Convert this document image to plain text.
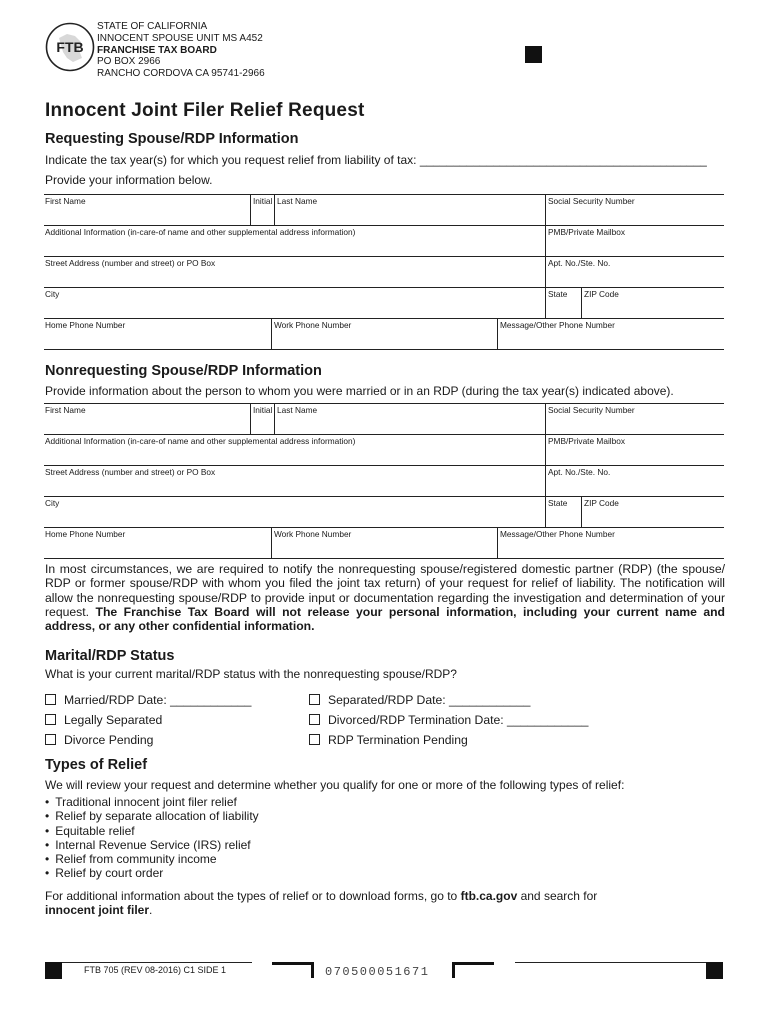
FTB
STATE OF CALIFORNIA
INNOCENT SPOUSE UNIT MS A452
FRANCHISE TAX BOARD
PO BOX 2966
RANCHO CORDOVA CA 95741-2966
Innocent Joint Filer Relief Request
Requesting Spouse/RDP Information
Indicate the tax year(s) for which you request relief from liability of tax: ___________________________________________
Provide your information below.
First Name	Initial Last Name	Social Security Number
Additional Information (in-care-of name and other supplemental address information)	PMB/Private Mailbox
Street Address (number and street) or PO Box	Apt. No./Ste. No.
City	State	ZIP Code
Home Phone Number	Work Phone Number	Message/Other Phone Number
Nonrequesting Spouse/RDP Information
Provide information about the person to whom you were married or in an RDP (during the tax year(s) indicated above).
First Name	Initial Last Name	Social Security Number
Additional Information (in-care-of name and other supplemental address information)	PMB/Private Mailbox
Street Address (number and street) or PO Box	Apt. No./Ste. No.
City	State	ZIP Code
Home Phone Number	Work Phone Number	Message/Other Phone Number
In most circumstances, we are required to notify the nonrequesting spouse/registered domestic partner (RDP) (the spouse/ RDP or former spouse/RDP with whom you filed the joint tax return) of your request for relief of liability. The notification will allow the nonrequesting spouse/RDP to provide input or documentation regarding the investigation and determination of your request. The Franchise Tax Board will not release your personal information, including your current name and address, or any other confidential information.
Marital/RDP Status
What is your current marital/RDP status with the nonrequesting spouse/RDP?
Married/RDP Date: ____________
Legally Separated
Divorce Pending
Separated/RDP Date: ____________
Divorced/RDP Termination Date: ____________
RDP Termination Pending
Types of Relief
We will review your request and determine whether you qualify for one or more of the following types of relief:
• Traditional innocent joint filer relief
• Relief by separate allocation of liability
• Equitable relief
• Internal Revenue Service (IRS) relief
• Relief from community income
• Relief by court order
For additional information about the types of relief or to download forms, go to ftb.ca.gov and search for
innocent joint filer.
FTB 705 (REV 08-2016) C1 SIDE 1	070500051671
